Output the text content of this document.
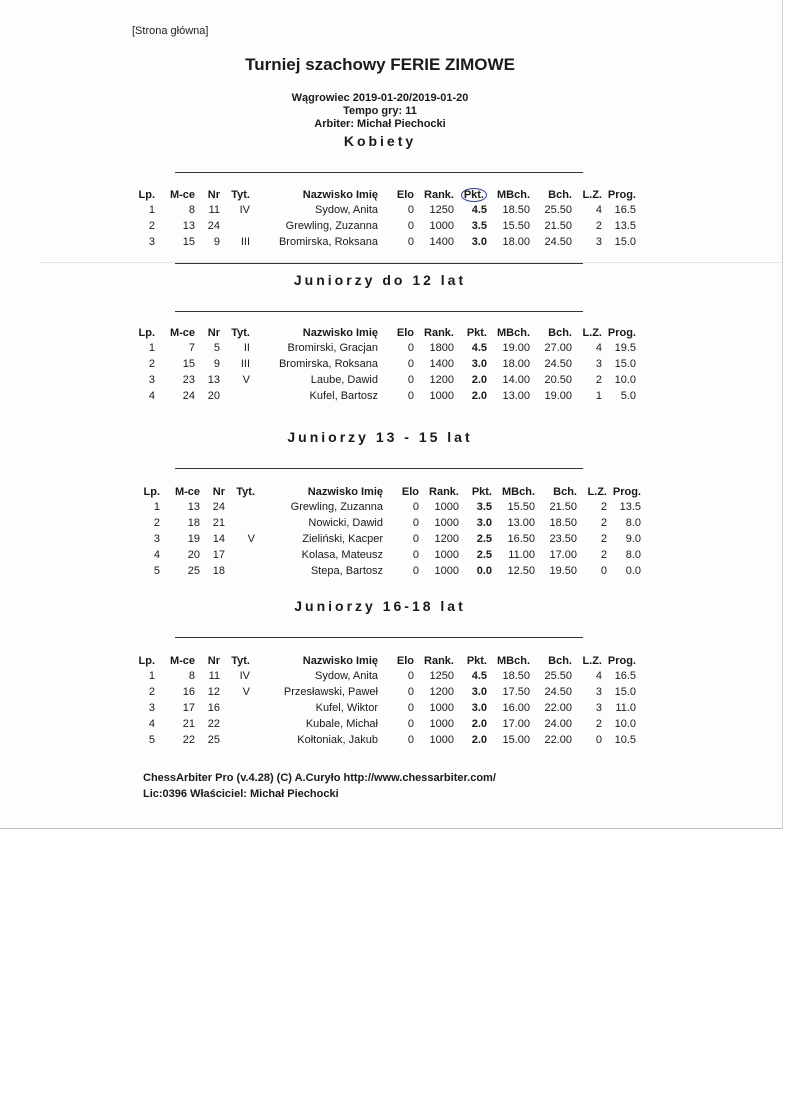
[Strona główna]
Turniej szachowy FERIE ZIMOWE
Wągrowiec 2019-01-20/2019-01-20
Tempo gry: 11
Arbiter: Michał Piechocki
Kobiety
Lp.	M-ce	Nr	Tyt.	Nazwisko Imię	Elo	Rank.	Pkt.	MBch.	Bch.	L.Z.	Prog.
1	8	11	IV	Sydow, Anita	0	1250	4.5	18.50	25.50	4	16.5
2	13	24		Grewling, Zuzanna	0	1000	3.5	15.50	21.50	2	13.5
3	15	9	III	Bromirska, Roksana	0	1400	3.0	18.00	24.50	3	15.0
Juniorzy do 12 lat
Lp.	M-ce	Nr	Tyt.	Nazwisko Imię	Elo	Rank.	Pkt.	MBch.	Bch.	L.Z.	Prog.
1	7	5	II	Bromirski, Gracjan	0	1800	4.5	19.00	27.00	4	19.5
2	15	9	III	Bromirska, Roksana	0	1400	3.0	18.00	24.50	3	15.0
3	23	13	V	Laube, Dawid	0	1200	2.0	14.00	20.50	2	10.0
4	24	20		Kufel, Bartosz	0	1000	2.0	13.00	19.00	1	5.0
Juniorzy 13 - 15 lat
Lp.	M-ce	Nr	Tyt.	Nazwisko Imię	Elo	Rank.	Pkt.	MBch.	Bch.	L.Z.	Prog.
1	13	24		Grewling, Zuzanna	0	1000	3.5	15.50	21.50	2	13.5
2	18	21		Nowicki, Dawid	0	1000	3.0	13.00	18.50	2	8.0
3	19	14	V	Zieliński, Kacper	0	1200	2.5	16.50	23.50	2	9.0
4	20	17		Kolasa, Mateusz	0	1000	2.5	11.00	17.00	2	8.0
5	25	18		Stepa, Bartosz	0	1000	0.0	12.50	19.50	0	0.0
Juniorzy 16-18 lat
Lp.	M-ce	Nr	Tyt.	Nazwisko Imię	Elo	Rank.	Pkt.	MBch.	Bch.	L.Z.	Prog.
1	8	11	IV	Sydow, Anita	0	1250	4.5	18.50	25.50	4	16.5
2	16	12	V	Przesławski, Paweł	0	1200	3.0	17.50	24.50	3	15.0
3	17	16		Kufel, Wiktor	0	1000	3.0	16.00	22.00	3	11.0
4	21	22		Kubale, Michał	0	1000	2.0	17.00	24.00	2	10.0
5	22	25		Kołtoniak, Jakub	0	1000	2.0	15.00	22.00	0	10.5
ChessArbiter Pro (v.4.28) (C) A.Curyło http://www.chessarbiter.com/
Lic:0396 Właściciel: Michał Piechocki
